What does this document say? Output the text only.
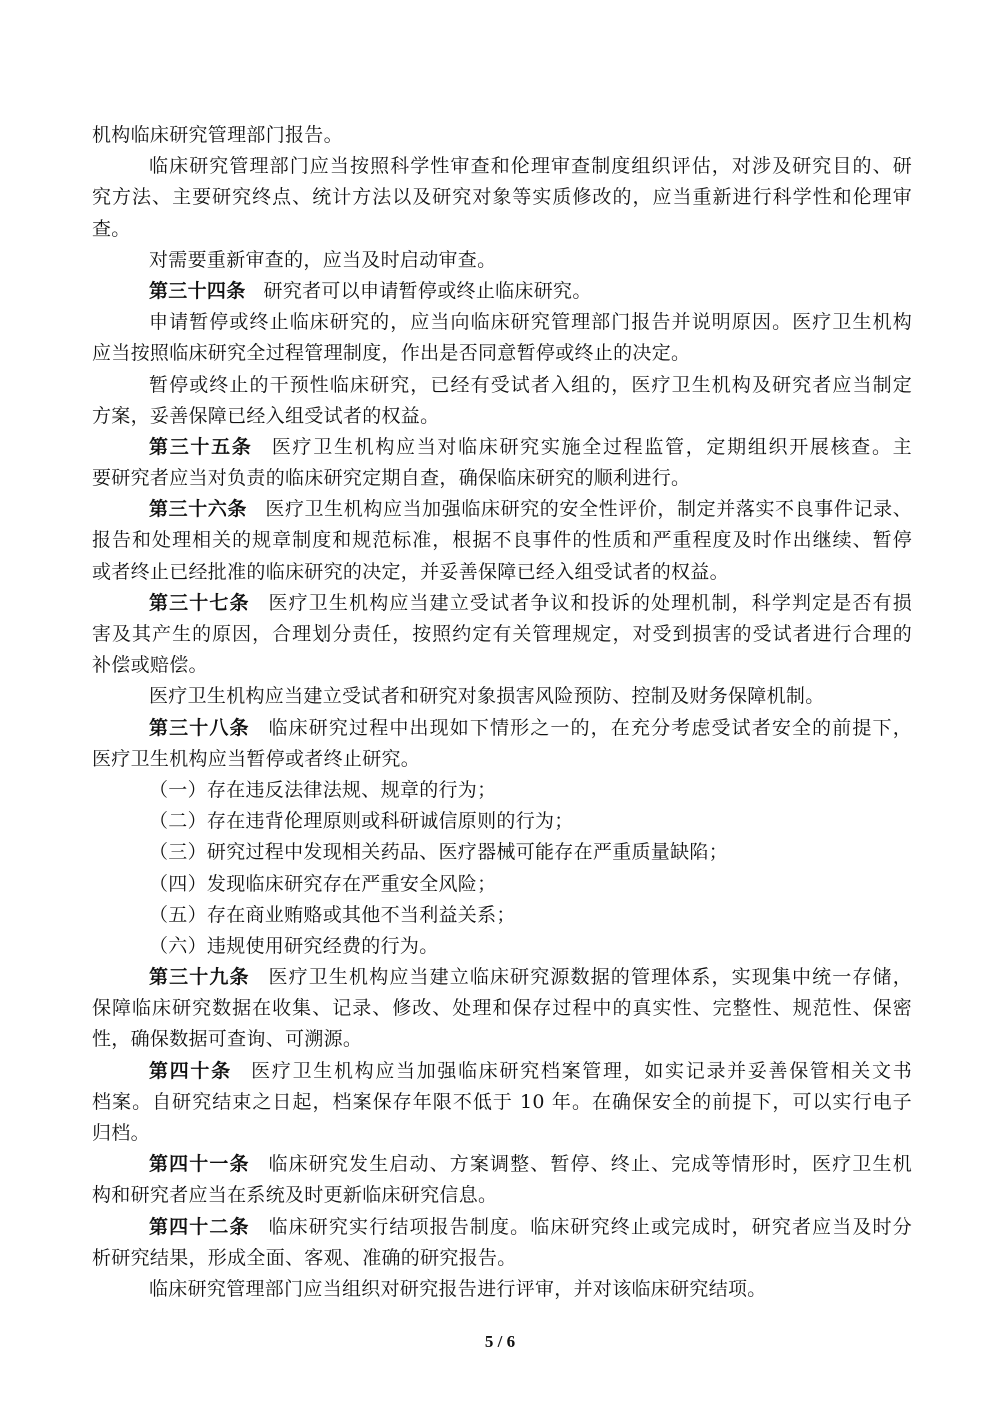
机构临床研究管理部门报告。
临床研究管理部门应当按照科学性审查和伦理审查制度组织评估，对涉及研究目的、研
究方法、主要研究终点、统计方法以及研究对象等实质修改的，应当重新进行科学性和伦理审
查。
对需要重新审查的，应当及时启动审查。
第三十四条 研究者可以申请暂停或终止临床研究。
申请暂停或终止临床研究的，应当向临床研究管理部门报告并说明原因。医疗卫生机构
应当按照临床研究全过程管理制度，作出是否同意暂停或终止的决定。
暂停或终止的干预性临床研究，已经有受试者入组的，医疗卫生机构及研究者应当制定
方案，妥善保障已经入组受试者的权益。
第三十五条 医疗卫生机构应当对临床研究实施全过程监管，定期组织开展核查。主
要研究者应当对负责的临床研究定期自查，确保临床研究的顺利进行。
第三十六条 医疗卫生机构应当加强临床研究的安全性评价，制定并落实不良事件记录、
报告和处理相关的规章制度和规范标准，根据不良事件的性质和严重程度及时作出继续、暂停
或者终止已经批准的临床研究的决定，并妥善保障已经入组受试者的权益。
第三十七条 医疗卫生机构应当建立受试者争议和投诉的处理机制，科学判定是否有损
害及其产生的原因，合理划分责任，按照约定有关管理规定，对受到损害的受试者进行合理的
补偿或赔偿。
医疗卫生机构应当建立受试者和研究对象损害风险预防、控制及财务保障机制。
第三十八条 临床研究过程中出现如下情形之一的，在充分考虑受试者安全的前提下，
医疗卫生机构应当暂停或者终止研究。
（一）存在违反法律法规、规章的行为；
（二）存在违背伦理原则或科研诚信原则的行为；
（三）研究过程中发现相关药品、医疗器械可能存在严重质量缺陷；
（四）发现临床研究存在严重安全风险；
（五）存在商业贿赂或其他不当利益关系；
（六）违规使用研究经费的行为。
第三十九条 医疗卫生机构应当建立临床研究源数据的管理体系，实现集中统一存储，
保障临床研究数据在收集、记录、修改、处理和保存过程中的真实性、完整性、规范性、保密
性，确保数据可查询、可溯源。
第四十条 医疗卫生机构应当加强临床研究档案管理，如实记录并妥善保管相关文书
档案。自研究结束之日起，档案保存年限不低于 10 年。在确保安全的前提下，可以实行电子
归档。
第四十一条 临床研究发生启动、方案调整、暂停、终止、完成等情形时，医疗卫生机
构和研究者应当在系统及时更新临床研究信息。
第四十二条 临床研究实行结项报告制度。临床研究终止或完成时，研究者应当及时分
析研究结果，形成全面、客观、准确的研究报告。
临床研究管理部门应当组织对研究报告进行评审，并对该临床研究结项。
5 / 6
